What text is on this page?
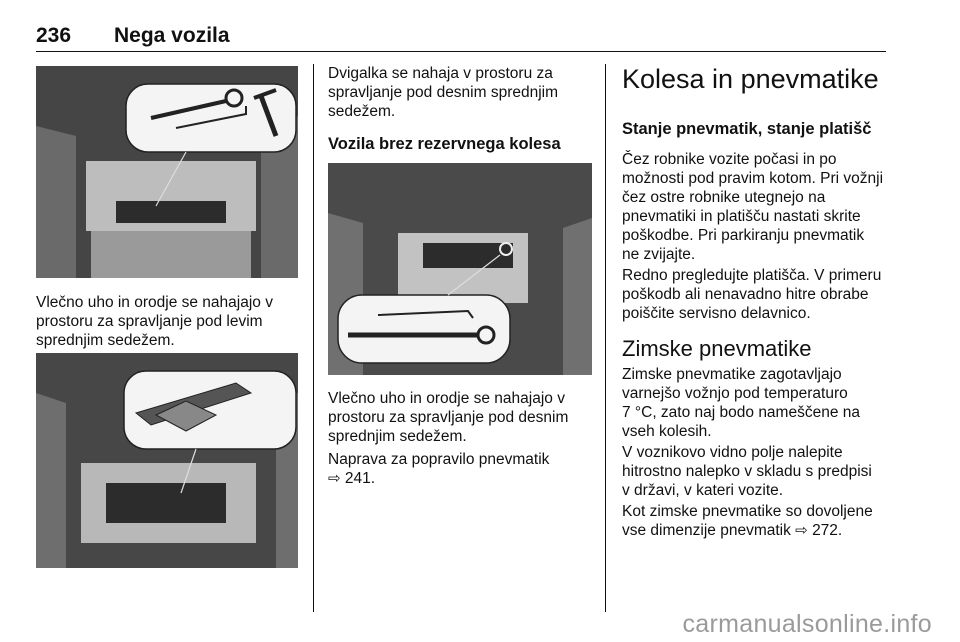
236 Nega vozila

Vlečno uho in orodje se nahajajo v
prostoru za spravljanje pod levim
sprednjim sedežem.

Dvigalka se nahaja v prostoru za
spravljanje pod desnim sprednjim
sedežem.

Vozila brez rezervnega kolesa

Vlečno uho in orodje se nahajajo v
prostoru za spravljanje pod desnim
sprednjim sedežem.

Naprava za popravilo pnevmatik
⇨ 241.

Kolesa in pnevmatike
Stanje pnevmatik, stanje platišč

Čez robnike vozite počasi in po
možnosti pod pravim kotom. Pri vožnji
čez ostre robnike utegnejo na
pnevmatiki in platišču nastati skrite
poškodbe. Pri parkiranju pnevmatik
ne zvijajte.

Redno pregledujte platišča. V primeru
poškodb ali nenavadno hitre obrabe
poiščite servisno delavnico.

Zimske pnevmatike

Zimske pnevmatike zagotavljajo
varnejšo vožnjo pod temperaturo
7 °C, zato naj bodo nameščene na
vseh kolesih.

V voznikovo vidno polje nalepite
hitrostno nalepko v skladu s predpisi
v državi, v kateri vozite.

Kot zimske pnevmatike so dovoljene
vse dimenzije pnevmatik ⇨ 272.

carmanualsonline.info
